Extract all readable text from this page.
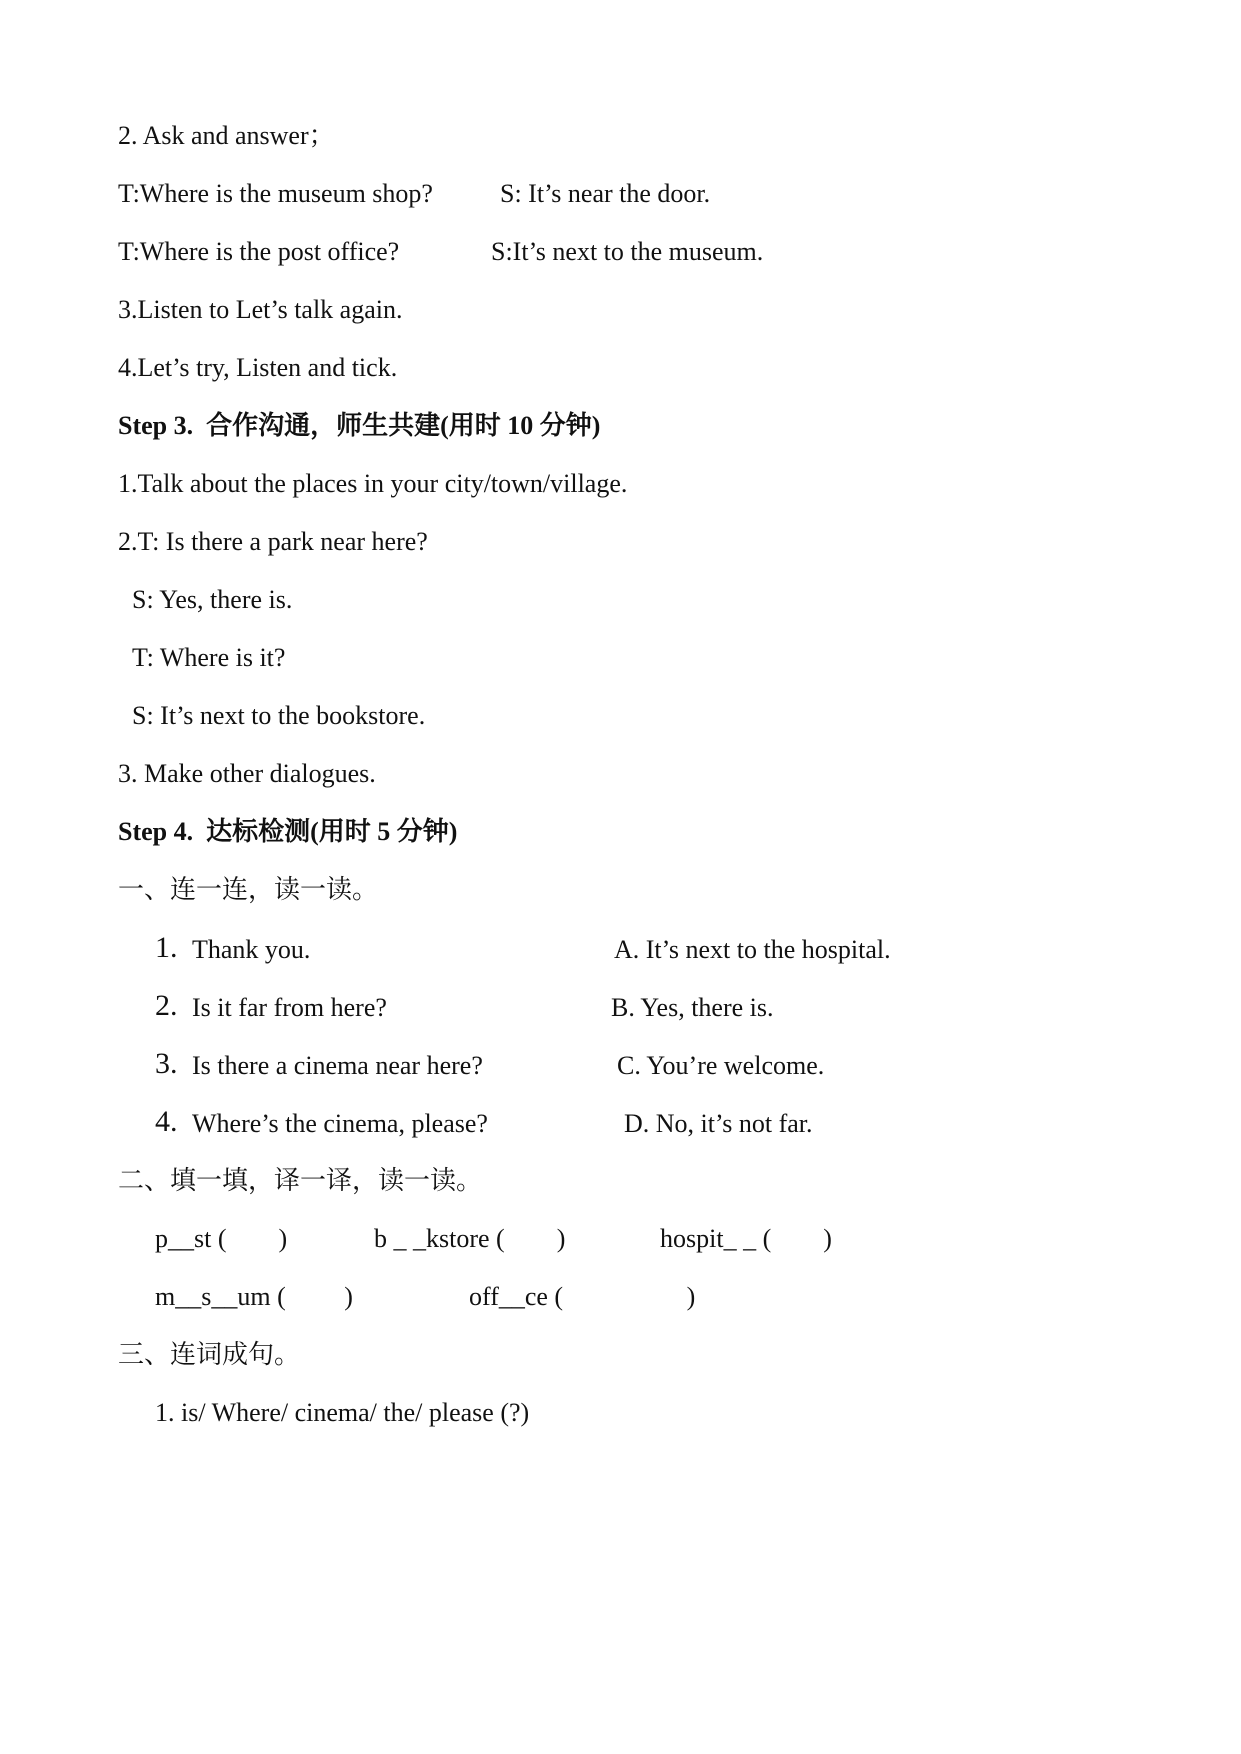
2. Ask and answer；

T:Where is the museum shop?	S: It’s near the door.

T:Where is the post office?	S:It’s next to the museum.

3.Listen to Let’s talk again.

4.Let’s try, Listen and tick.

Step 3.  合作沟通，师生共建(用时 10 分钟)

1.Talk about the places in your city/town/village.

2.T: Is there a park near here?

S: Yes, there is.

T: Where is it?

S: It’s next to the bookstore.

3. Make other dialogues.

Step 4.  达标检测(用时 5 分钟)

一、连一连，读一读。

1. Thank you.	A. It’s next to the hospital.
2. Is it far from here?	B. Yes, there is.
3. Is there a cinema near here?	C. You’re welcome.
4. Where’s the cinema, please?	D. No, it’s not far.

二、填一填，译一译，读一读。

p__st (        )	b _ _kstore (        )	hospit_ _ (        )
m__s__um (         )	off__ce (                   )

三、连词成句。

1. is/ Where/ cinema/ the/ please (?)
